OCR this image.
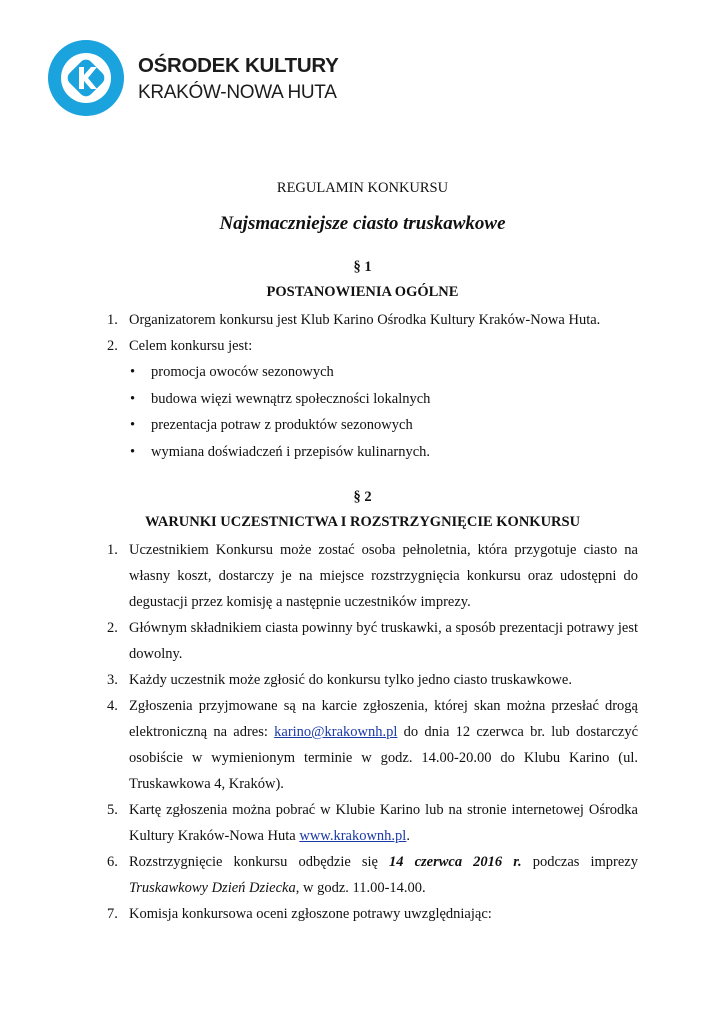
OŚRODEK KULTURY
KRAKÓW-NOWA HUTA
REGULAMIN KONKURSU
Najsmaczniejsze ciasto truskawkowe
§ 1
POSTANOWIENIA OGÓLNE
1. Organizatorem konkursu jest Klub Karino Ośrodka Kultury Kraków-Nowa Huta.
2. Celem konkursu jest:
• promocja owoców sezonowych
• budowa więzi wewnątrz społeczności lokalnych
• prezentacja potraw z produktów sezonowych
• wymiana doświadczeń i przepisów kulinarnych.
§ 2
WARUNKI UCZESTNICTWA I ROZSTRZYGNIĘCIE KONKURSU
1. Uczestnikiem Konkursu może zostać osoba pełnoletnia, która przygotuje ciasto na własny koszt, dostarczy je na miejsce rozstrzygnięcia konkursu oraz udostępni do degustacji przez komisję a następnie uczestników imprezy.
2. Głównym składnikiem ciasta powinny być truskawki, a sposób prezentacji potrawy jest dowolny.
3. Każdy uczestnik może zgłosić do konkursu tylko jedno ciasto truskawkowe.
4. Zgłoszenia przyjmowane są na karcie zgłoszenia, której skan można przesłać drogą elektroniczną na adres: karino@krakownh.pl do dnia 12 czerwca br. lub dostarczyć osobiście w wymienionym terminie w godz. 14.00-20.00 do Klubu Karino (ul. Truskawkowa 4, Kraków).
5. Kartę zgłoszenia można pobrać w Klubie Karino lub na stronie internetowej Ośrodka Kultury Kraków-Nowa Huta www.krakownh.pl.
6. Rozstrzygnięcie konkursu odbędzie się 14 czerwca 2016 r. podczas imprezy Truskawkowy Dzień Dziecka, w godz. 11.00-14.00.
7. Komisja konkursowa oceni zgłoszone potrawy uwzględniając:
